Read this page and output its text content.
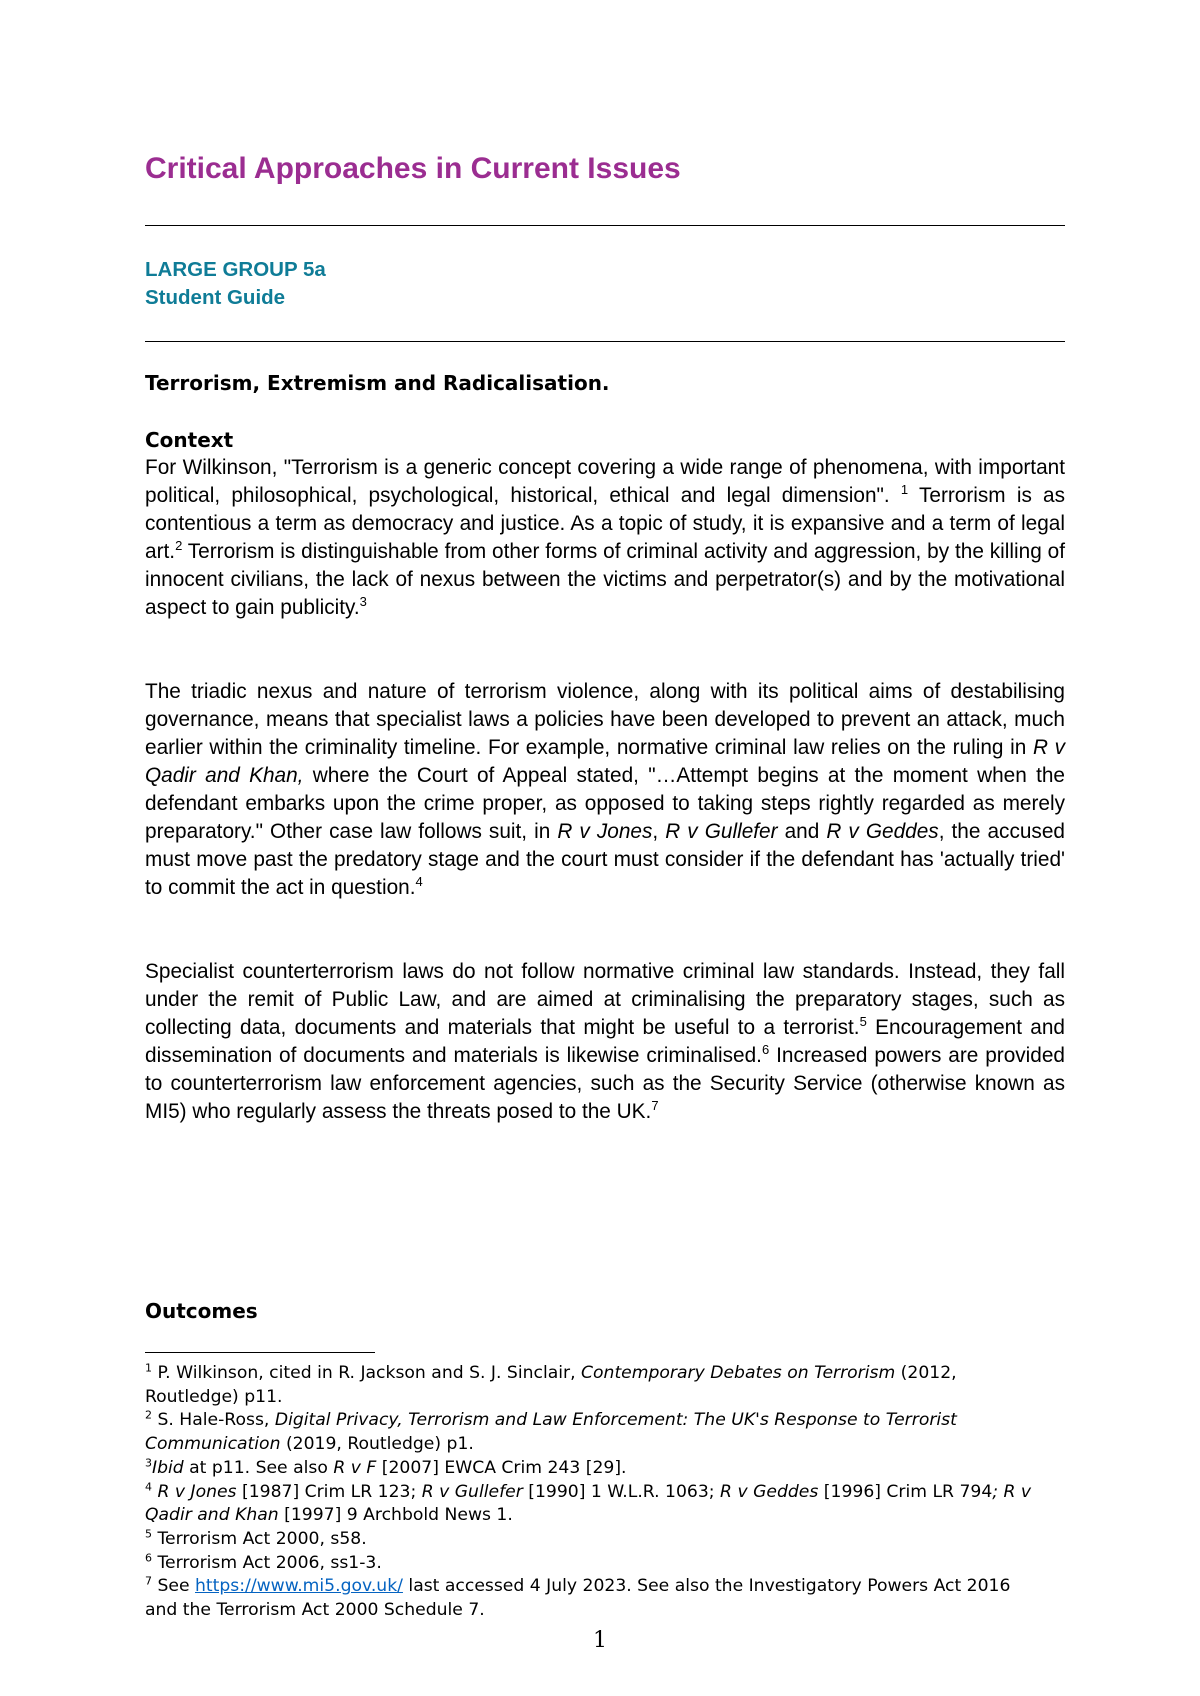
Critical Approaches in Current Issues
LARGE GROUP 5a
Student Guide
Terrorism, Extremism and Radicalisation.
Context

For Wilkinson, "Terrorism is a generic concept covering a wide range of phenomena, with important political, philosophical, psychological, historical, ethical and legal dimension". $^1$ Terrorism is as contentious a term as democracy and justice. As a topic of study, it is expansive and a term of legal art.$^2$ Terrorism is distinguishable from other forms of criminal activity and aggression, by the killing of innocent civilians, the lack of nexus between the victims and perpetrator(s) and by the motivational aspect to gain publicity.$^3$

The triadic nexus and nature of terrorism violence, along with its political aims of destabilising governance, means that specialist laws a policies have been developed to prevent an attack, much earlier within the criminality timeline. For example, normative criminal law relies on the ruling in R v Qadir and Khan, where the Court of Appeal stated, "…Attempt begins at the moment when the defendant embarks upon the crime proper, as opposed to taking steps rightly regarded as merely preparatory." Other case law follows suit, in R v Jones, R v Gullefer and R v Geddes, the accused must move past the predatory stage and the court must consider if the defendant has 'actually tried' to commit the act in question.$^4$

Specialist counterterrorism laws do not follow normative criminal law standards. Instead, they fall under the remit of Public Law, and are aimed at criminalising the preparatory stages, such as collecting data, documents and materials that might be useful to a terrorist.$^5$ Encouragement and dissemination of documents and materials is likewise criminalised.$^6$ Increased powers are provided to counterterrorism law enforcement agencies, such as the Security Service (otherwise known as MI5) who regularly assess the threats posed to the UK.$^7$

Outcomes

$^1$ P. Wilkinson, cited in R. Jackson and S. J. Sinclair, Contemporary Debates on Terrorism (2012, Routledge) p11.

$^2$ S. Hale-Ross, Digital Privacy, Terrorism and Law Enforcement: The UK's Response to Terrorist Communication (2019, Routledge) p1.

$^3$Ibid at p11. See also R v F [2007] EWCA Crim 243 [29].

$^4$ R v Jones [1987] Crim LR 123; R v Gullefer [1990] 1 W.L.R. 1063; R v Geddes [1996] Crim LR 794; R v Qadir and Khan [1997] 9 Archbold News 1.

$^5$ Terrorism Act 2000, s58.

$^6$ Terrorism Act 2006, ss1-3.

$^7$ See https://www.mi5.gov.uk/ last accessed 4 July 2023. See also the Investigatory Powers Act 2016 and the Terrorism Act 2000 Schedule 7.

1
